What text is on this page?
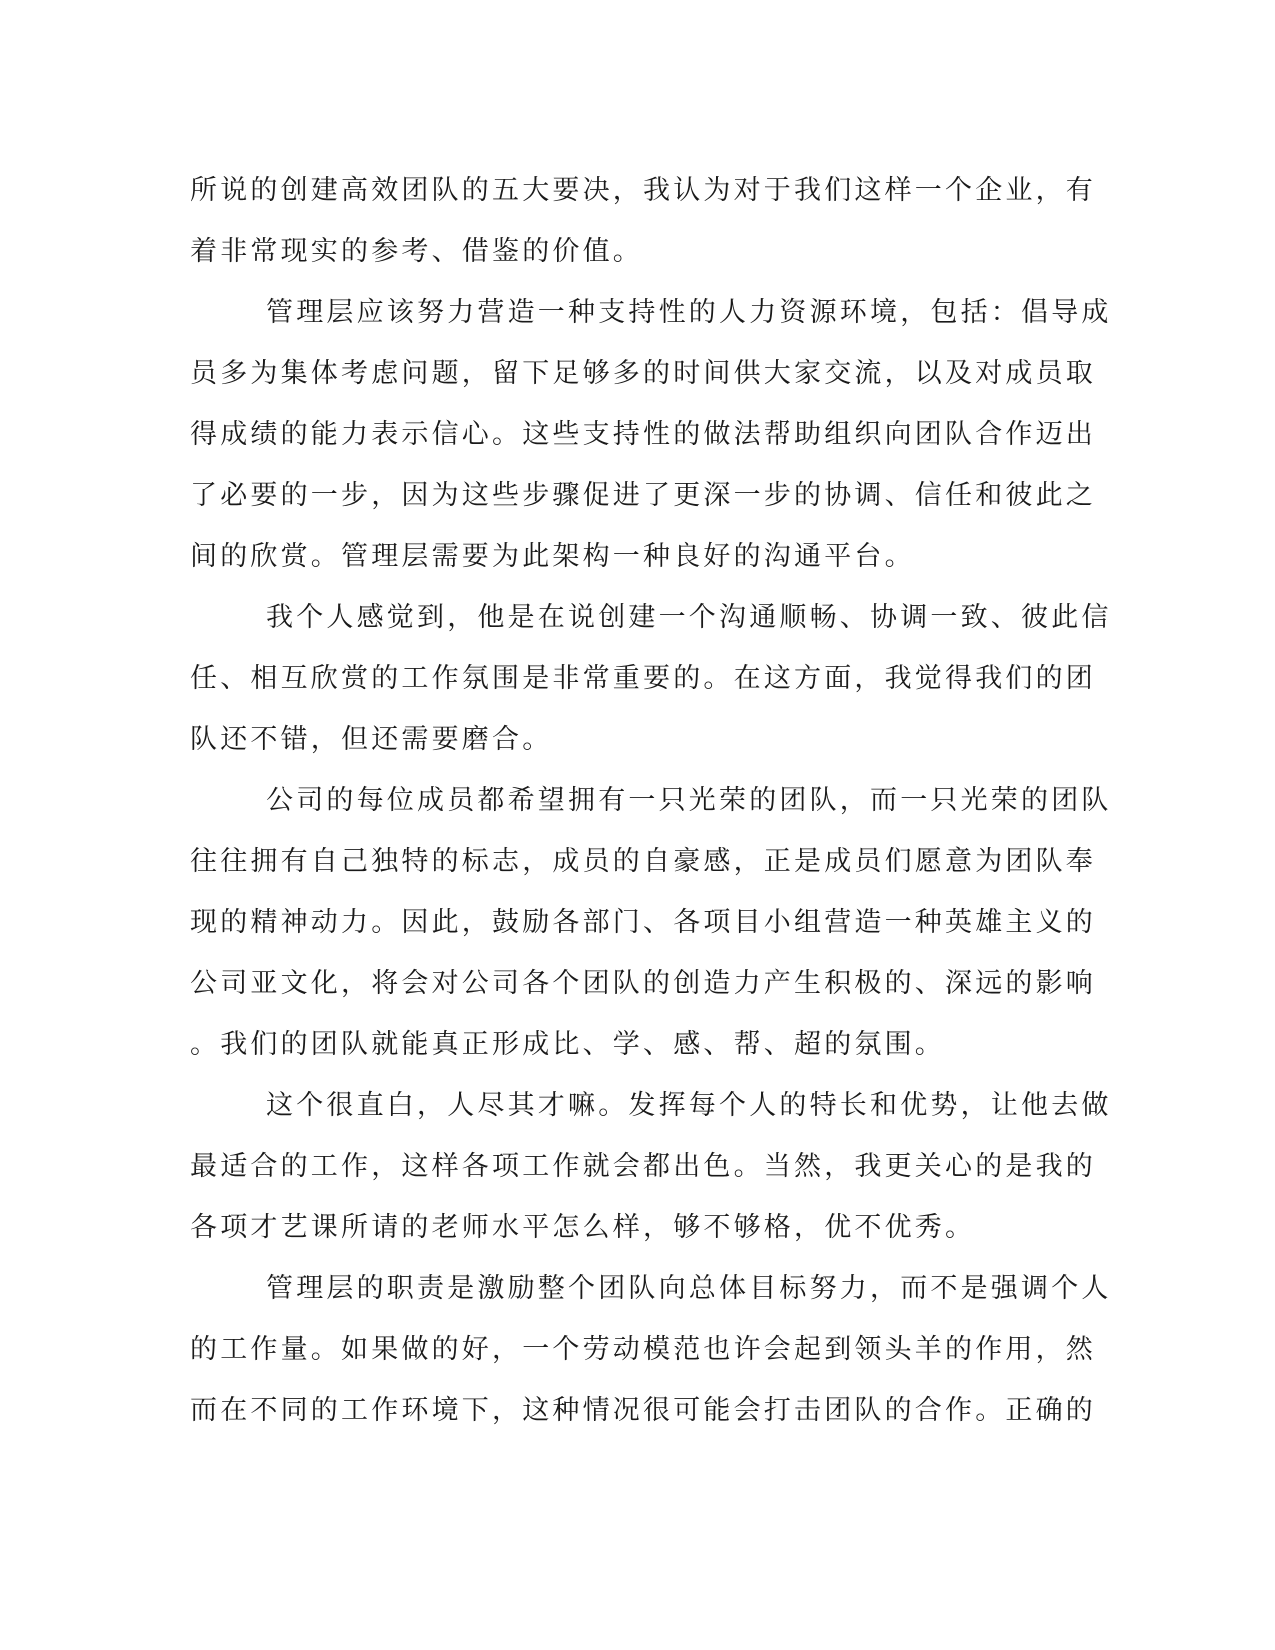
所说的创建高效团队的五大要决，我认为对于我们这样一个企业，有
着非常现实的参考、借鉴的价值。
管理层应该努力营造一种支持性的人力资源环境，包括：倡导成
员多为集体考虑问题，留下足够多的时间供大家交流，以及对成员取
得成绩的能力表示信心。这些支持性的做法帮助组织向团队合作迈出
了必要的一步，因为这些步骤促进了更深一步的协调、信任和彼此之
间的欣赏。管理层需要为此架构一种良好的沟通平台。
我个人感觉到，他是在说创建一个沟通顺畅、协调一致、彼此信
任、相互欣赏的工作氛围是非常重要的。在这方面，我觉得我们的团
队还不错，但还需要磨合。
公司的每位成员都希望拥有一只光荣的团队，而一只光荣的团队
往往拥有自己独特的标志，成员的自豪感，正是成员们愿意为团队奉
现的精神动力。因此，鼓励各部门、各项目小组营造一种英雄主义的
公司亚文化，将会对公司各个团队的创造力产生积极的、深远的影响
。我们的团队就能真正形成比、学、感、帮、超的氛围。
这个很直白，人尽其才嘛。发挥每个人的特长和优势，让他去做
最适合的工作，这样各项工作就会都出色。当然，我更关心的是我的
各项才艺课所请的老师水平怎么样，够不够格，优不优秀。
管理层的职责是激励整个团队向总体目标努力，而不是强调个人
的工作量。如果做的好，一个劳动模范也许会起到领头羊的作用，然
而在不同的工作环境下，这种情况很可能会打击团队的合作。正确的
